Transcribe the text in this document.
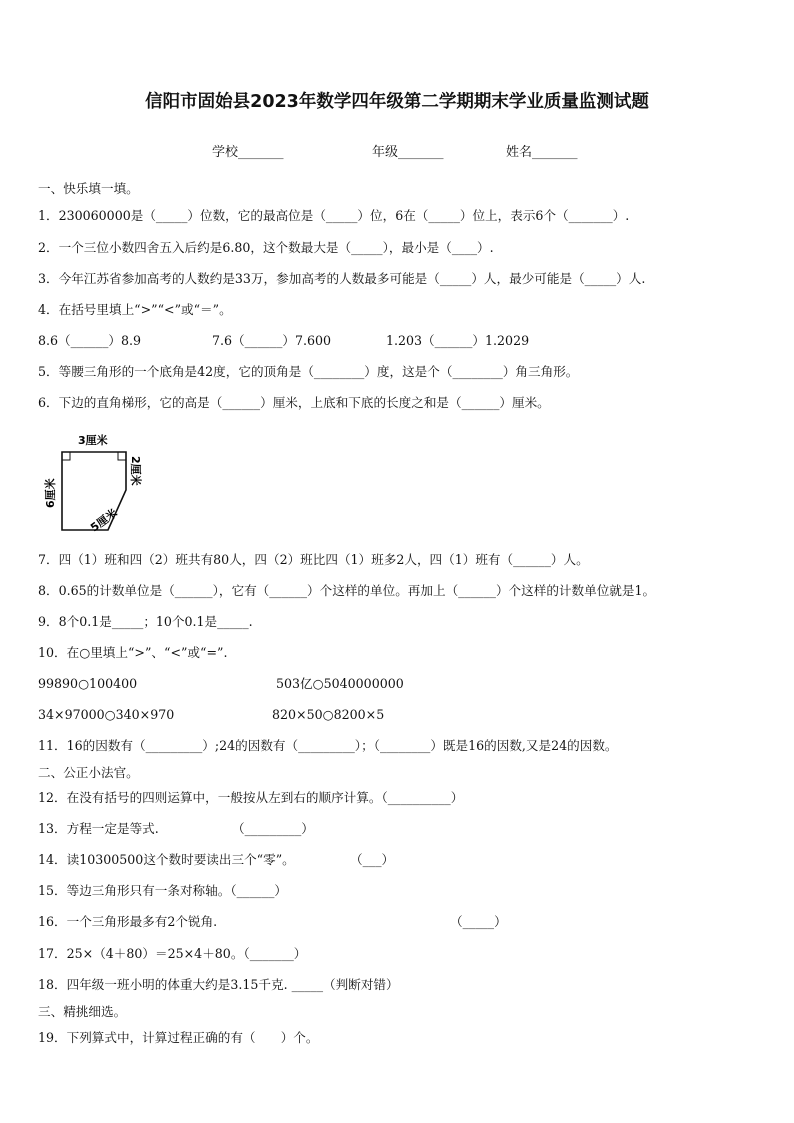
信阳市固始县2023年数学四年级第二学期期末学业质量监测试题
学校_______	年级_______	姓名_______
一、快乐填一填。
1．230060000是（_____）位数，它的最高位是（_____）位，6在（_____）位上，表示6个（_______）.
2．一个三位小数四舍五入后约是6.80，这个数最大是（_____），最小是（____）.
3．今年江苏省参加高考的人数约是33万，参加高考的人数最多可能是（_____）人，最少可能是（_____）人.
4．在括号里填上“>”“<”或“＝”。
8.6（______）8.9	7.6（______）7.600	1.203（______）1.2029
5．等腰三角形的一个底角是42度，它的顶角是（________）度，这是个（________）角三角形。
6．下边的直角梯形，它的高是（______）厘米，上底和下底的长度之和是（______）厘米。
3厘米
6厘米
2厘米
5厘米
7．四（1）班和四（2）班共有80人，四（2）班比四（1）班多2人，四（1）班有（______）人。
8．0.65的计数单位是（______），它有（______）个这样的单位。再加上（______）个这样的计数单位就是1。
9．8个0.1是_____；10个0.1是_____.
10．在○里填上“>”、“<”或“=”.
99890○100400	503亿○5040000000
34×97000○340×970	820×50○8200×5
11．16的因数有（_________）;24的因数有（_________）；（________）既是16的因数,又是24的因数。
二、公正小法官。
12．在没有括号的四则运算中，一般按从左到右的顺序计算。（__________）
13．方程一定是等式.	（_________）
14．读10300500这个数时要读出三个“零”。	（___）
15．等边三角形只有一条对称轴。（______）
16．一个三角形最多有2个锐角.	（_____）
17．25×（4＋80）＝25×4＋80。（_______）
18．四年级一班小明的体重大约是3.15千克. _____（判断对错）
三、精挑细选。
19．下列算式中，计算过程正确的有（　　）个。
